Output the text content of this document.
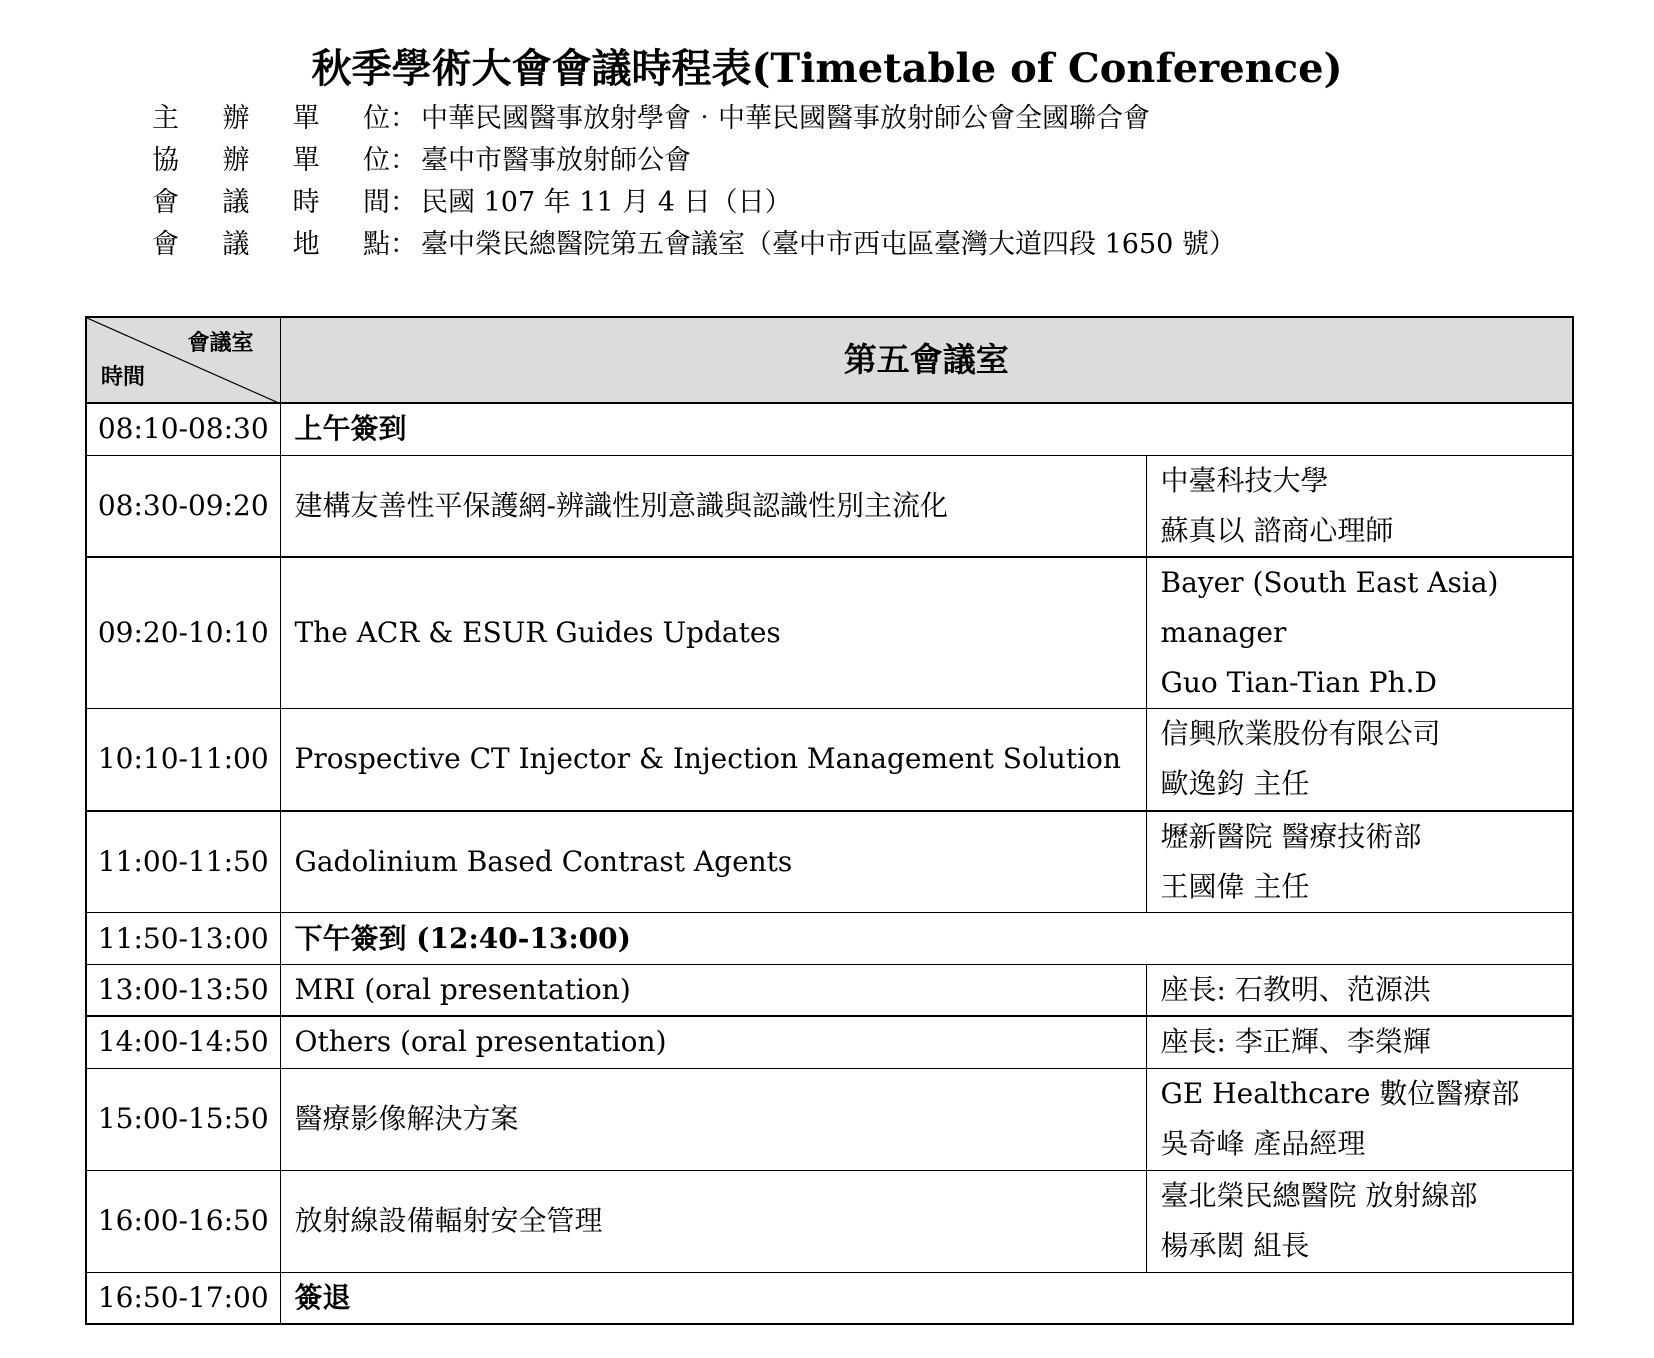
秋季學術大會會議時程表(Timetable of Conference)
主 辦 單 位 ： 中華民國醫事放射學會‧中華民國醫事放射師公會全國聯合會
協 辦 單 位 ： 臺中市醫事放射師公會
會 議 時 間 ： 民國 107 年 11 月 4 日（日）
會 議 地 點 ： 臺中榮民總醫院第五會議室（臺中市西屯區臺灣大道四段 1650 號）
會議室
時間	第五會議室	
08:10-08:30	上午簽到	
08:30-09:20	建構友善性平保護網-辨識性別意識與認識性別主流化	中臺科技大學
蘇真以 諮商心理師

09:20-10:10	The ACR & ESUR Guides Updates	Bayer (South East Asia)
manager
Guo Tian-Tian Ph.D

10:10-11:00	Prospective CT Injector & Injection Management Solution	信興欣業股份有限公司
歐逸鈞 主任

11:00-11:50	Gadolinium Based Contrast Agents	壢新醫院 醫療技術部
王國偉 主任

11:50-13:00	下午簽到 (12:40-13:00)	
13:00-13:50	MRI (oral presentation)	座長: 石教明、范源洪

14:00-14:50	Others (oral presentation)	座長: 李正輝、李榮輝

15:00-15:50	醫療影像解決方案	GE Healthcare 數位醫療部
吳奇峰 產品經理

16:00-16:50	放射線設備輻射安全管理	臺北榮民總醫院 放射線部
楊承閎 組長

16:50-17:00	簽退	
